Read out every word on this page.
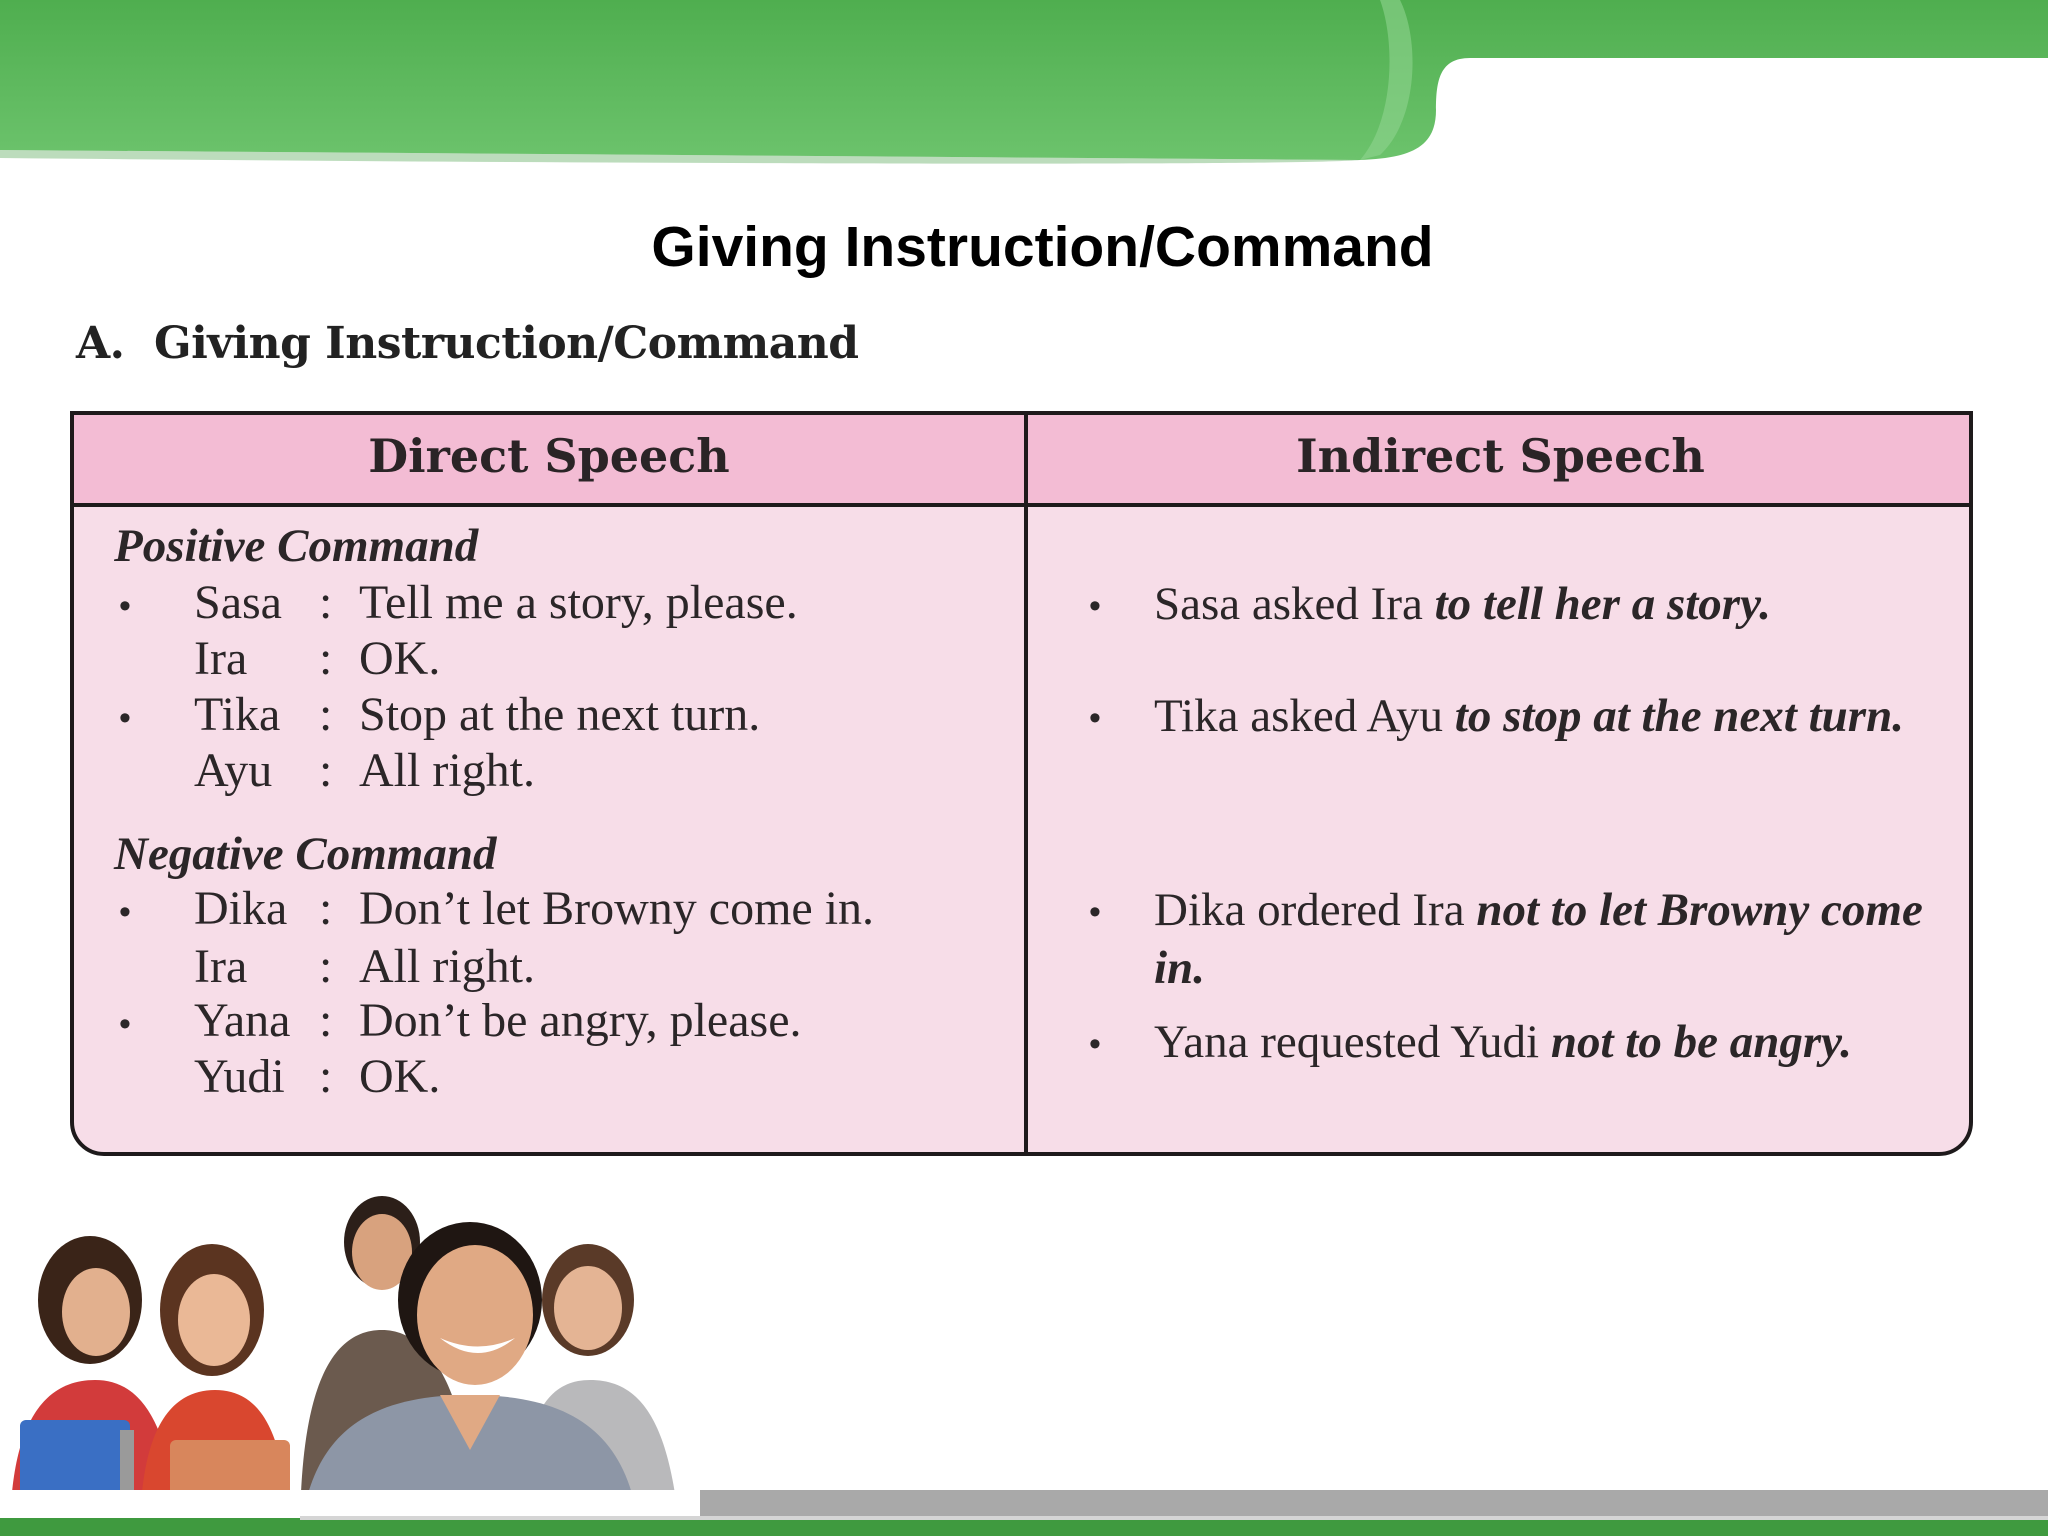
Giving Instruction/Command
A. Giving Instruction/Command
Direct Speech	Indirect Speech
Positive Command
• Sasa : Tell me a story, please.
Ira : OK.
• Tika : Stop at the next turn.
Ayu : All right.
Negative Command
• Dika : Don’t let Browny come in.
Ira : All right.
• Yana : Don’t be angry, please.
Yudi : OK.
• Sasa asked Ira to tell her a story.
• Tika asked Ayu to stop at the next turn.
• Dika ordered Ira not to let Browny come in.
• Yana requested Yudi not to be angry.
